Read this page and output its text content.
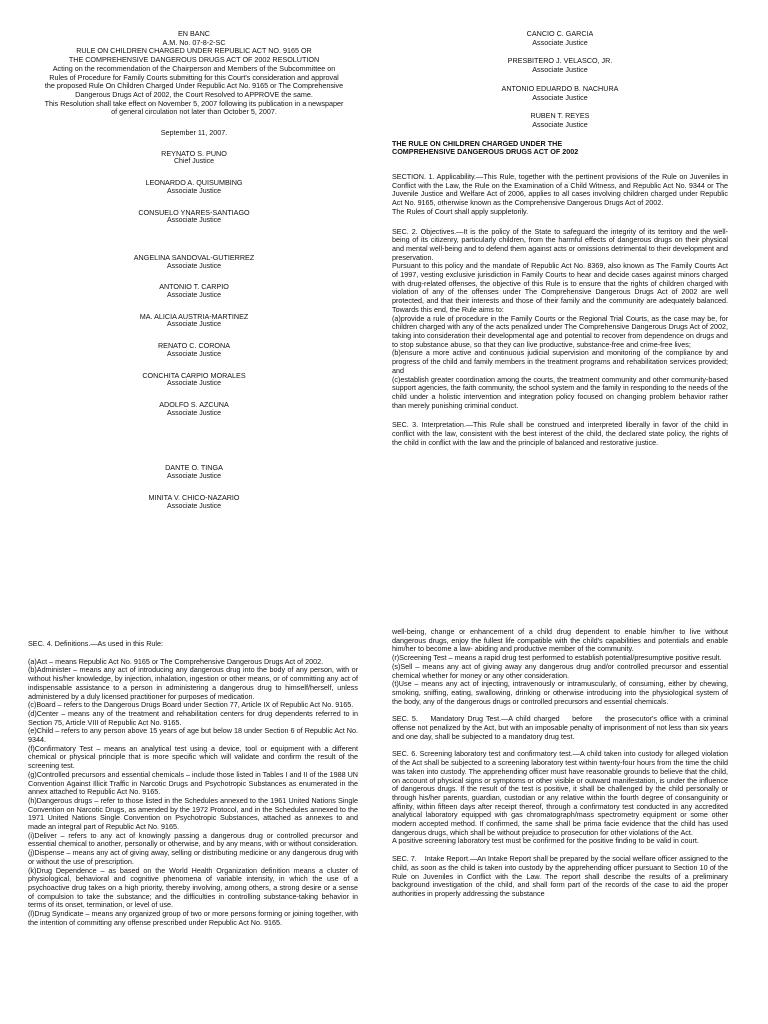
EN BANC

A.M. No. 07-8-2-SC

RULE ON CHILDREN CHARGED UNDER REPUBLIC ACT NO. 9165 OR

THE COMPREHENSIVE DANGEROUS DRUGS ACT OF 2002 RESOLUTION

Acting on the recommendation of the Chairperson and Members of the Subcommittee on

Rules of Procedure for Family Courts submitting for this Court's consideration and approval

the proposed Rule On Children Charged Under Republic Act No. 9165 or The Comprehensive

Dangerous Drugs Act of 2002, the Court Resolved to APPROVE the same.

This Resolution shall take effect on November 5, 2007 following its publication in a newspaper

of general circulation not later than October 5, 2007.

September 11, 2007.

REYNATO S. PUNO

Chief Justice

LEONARDO A. QUISUMBING

Associate Justice

CONSUELO YNARES-SANTIAGO

Associate Justice

ANGELINA SANDOVAL-GUTIERREZ

Associate Justice

ANTONIO T. CARPIO

Associate Justice

MA. ALICIA AUSTRIA-MARTINEZ

Associate Justice

RENATO C. CORONA

Associate Justice

CONCHITA CARPIO MORALES

Associate Justice

ADOLFO S. AZCUNA

Associate Justice

DANTE O. TINGA

Associate Justice

MINITA V. CHICO-NAZARIO

Associate Justice

CANCIO C. GARCIA

Associate Justice

PRESBITERO J. VELASCO, JR.

Associate Justice

ANTONIO EDUARDO B. NACHURA

Associate Justice

RUBEN T. REYES

Associate Justice

THE RULE ON CHILDREN CHARGED UNDER THE

COMPREHENSIVE DANGEROUS DRUGS ACT OF 2002

SECTION. 1. Applicability.—This Rule, together with the pertinent provisions of the Rule on Juveniles in Conflict with the Law, the Rule on the Examination of a Child Witness, and Republic Act No. 9344 or The Juvenile Justice and Welfare Act of 2006, applies to all cases involving children charged under Republic Act No. 9165, otherwise known as the Comprehensive Dangerous Drugs Act of 2002.

The Rules of Court shall apply suppletorily.

SEC. 2. Objectives.—It is the policy of the State to safeguard the integrity of its territory and the well-being of its citizenry, particularly children, from the harmful effects of dangerous drugs on their physical and mental well-being and to defend them against acts or omissions detrimental to their development and preservation.

Pursuant to this policy and the mandate of Republic Act No. 8369, also known as The Family Courts Act of 1997, vesting exclusive jurisdiction in Family Courts to hear and decide cases against minors charged with drug-related offenses, the objective of this Rule is to ensure that the rights of children charged with violation of any of the offenses under The Comprehensive Dangerous Drugs Act of 2002 are well protected, and that their interests and those of their family and the community are adequately balanced. Towards this end, the Rule aims to:

(a)provide a rule of procedure in the Family Courts or the Regional Trial Courts, as the case may be, for children charged with any of the acts penalized under The Comprehensive Dangerous Drugs Act of 2002, taking into consideration their developmental age and potential to recover from dependence on drugs and to stop substance abuse, so that they can live productive, substance-free and crime-free lives;

(b)ensure a more active and continuous judicial supervision and monitoring of the compliance by and progress of the child and family members in the treatment programs and rehabilitation services provided; and

(c)establish greater coordination among the courts, the treatment community and other community-based support agencies, the faith community, the school system and the family in responding to the needs of the child under a holistic intervention and integration policy focused on changing problem behavior rather than merely punishing criminal conduct.

SEC. 3. Interpretation.—This Rule shall be construed and interpreted liberally in favor of the child in conflict with the law, consistent with the best interest of the child, the declared state policy, the rights of the child in conflict with the law and the principle of balanced and restorative justice.

SEC. 4. Definitions.—As used in this Rule:

(a)Act – means Republic Act No. 9165 or The Comprehensive Dangerous Drugs Act of 2002.

(b)Administer – means any act of introducing any dangerous drug into the body of any person, with or without his/her knowledge, by injection, inhalation, ingestion or other means, or of committing any act of indispensable assistance to a person in administering a dangerous drug to himself/herself, unless administered by a duly licensed practitioner for purposes of medication.

(c)Board – refers to the Dangerous Drugs Board under Section 77, Article IX of Republic Act No. 9165.

(d)Center – means any of the treatment and rehabilitation centers for drug dependents referred to in Section 75, Article VIII of Republic Act No. 9165.

(e)Child – refers to any person above 15 years of age but below 18 under Section 6 of Republic Act No. 9344.

(f)Confirmatory Test – means an analytical test using a device, tool or equipment with a different chemical or physical principle that is more specific which will validate and confirm the result of the screening test.

(g)Controlled precursors and essential chemicals – include those listed in Tables I and II of the 1988 UN Convention Against Illicit Traffic in Narcotic Drugs and Psychotropic Substances as enumerated in the annex attached to Republic Act No. 9165.

(h)Dangerous drugs – refer to those listed in the Schedules annexed to the 1961 United Nations Single Convention on Narcotic Drugs, as amended by the 1972 Protocol, and in the Schedules annexed to the 1971 United Nations Single Convention on Psychotropic Substances, attached as annexes to and made an integral part of Republic Act No. 9165.

(i)Deliver – refers to any act of knowingly passing a dangerous drug or controlled precursor and essential chemical to another, personally or otherwise, and by any means, with or without consideration.

(j)Dispense – means any act of giving away, selling or distributing medicine or any dangerous drug with or without the use of prescription.

(k)Drug Dependence – as based on the World Health Organization definition means a cluster of physiological, behavioral and cognitive phenomena of variable intensity, in which the use of a psychoactive drug takes on a high priority, thereby involving, among others, a strong desire or a sense of compulsion to take the substance; and the difficulties in controlling substance-taking behavior in terms of its onset, termination, or level of use.

(l)Drug Syndicate – means any organized group of two or more persons forming or joining together, with the intention of committing any offense prescribed under Republic Act No. 9165.

well-being, change or enhancement of a child drug dependent to enable him/her to live without dangerous drugs, enjoy the fullest life compatible with the child's capabilities and potentials and enable him/her to become a law- abiding and productive member of the community.

(r)Screening Test – means a rapid drug test performed to establish potential/presumptive positive result.

(s)Sell – means any act of giving away any dangerous drug and/or controlled precursor and essential chemical whether for money or any other consideration.

(t)Use – means any act of injecting, intravenously or intramuscularly, of consuming, either by chewing, smoking, sniffing, eating, swallowing, drinking or otherwise introducing into the physiological system of the body, any of the dangerous drugs or controlled precursors and essential chemicals.

SEC. 5.    Mandatory Drug Test.—A child charged    before    the prosecutor's office with a criminal offense not penalized by the Act, but with an imposable penalty of imprisonment of not less than six years and one day, shall be subjected to a mandatory drug test.

SEC. 6. Screening laboratory test and confirmatory test.—A child taken into custody for alleged violation of the Act shall be subjected to a screening laboratory test within twenty-four hours from the time the child was taken into custody. The apprehending officer must have reasonable grounds to believe that the child, on account of physical signs or symptoms or other visible or outward manifestation, is under the influence of dangerous drugs. If the result of the test is positive, it shall be challenged by the child personally or through his/her parents, guardian, custodian or any relative within the fourth degree of consanguinity or affinity, within fifteen days after receipt thereof, through a confirmatory test conducted in any accredited analytical laboratory equipped with gas chromatograph/mass spectrometry equipment or some other modern accepted method. If confirmed, the same shall be prima facie evidence that the child has used dangerous drugs, which shall be without prejudice to prosecution for other violations of the Act.

A positive screening laboratory test must be confirmed for the positive finding to be valid in court.

SEC. 7.    Intake Report.—An Intake Report shall be prepared by the social welfare officer assigned to the child, as soon as the child is taken into custody by the apprehending officer pursuant to Section 10 of the Rule on Juveniles in Conflict with the Law. The report shall describe the results of a preliminary background investigation of the child, and shall form part of the records of the case to aid the proper authorities in properly addressing the substance
